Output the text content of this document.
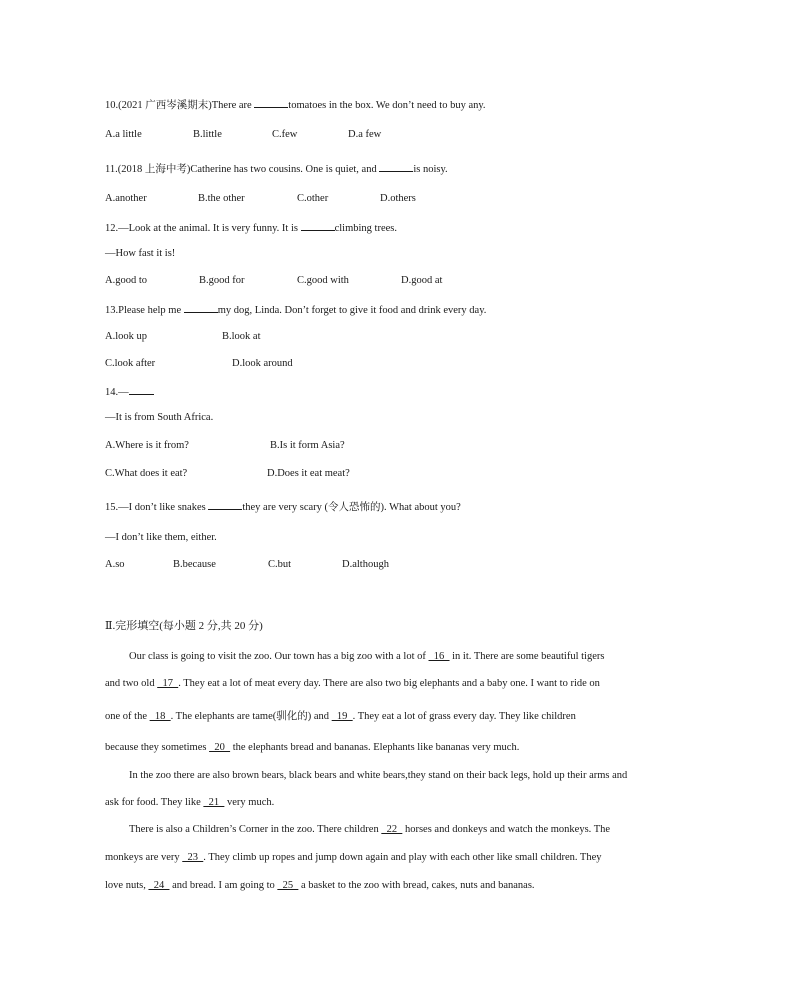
10.(2021 广西岑溪期末)There are	tomatoes in the box. We don’t need to buy any.
A.a little	B.little	C.few	D.a few
11.(2018 上海中考)Catherine has two cousins. One is quiet, and	is noisy.
A.another	B.the other	C.other	D.others
12.—Look at the animal. It is very funny. It is	climbing trees.
—How fast it is!
A.good to	B.good for	C.good with	D.good at
13.Please help me	my dog, Linda. Don’t forget to give it food and drink every day.
A.look up	B.look at
C.look after	D.look around
14.—
—It is from South Africa.
A.Where is it from?	B.Is it form Asia?
C.What does it eat?	D.Does it eat meat?
15.—I don’t like snakes	they are very scary (令人恐怖的). What about you?
—I don’t like them, either.
A.so	B.because	C.but	D.although
Ⅱ.完形填空(每小题 2 分,共 20 分)
Our class is going to visit the zoo. Our town has a big zoo with a lot of   16   in it. There are some beautiful tigers
and two old   17  . They eat a lot of meat every day. There are also two big elephants and a baby one. I want to ride on
one of the   18  . The elephants are tame(驯化的) and   19  . They eat a lot of grass every day. They like children
because they sometimes   20   the elephants bread and bananas. Elephants like bananas very much.
In the zoo there are also brown bears, black bears and white bears,they stand on their back legs, hold up their arms and
ask for food. They like   21   very much.
There is also a Children’s Corner in the zoo. There children   22   horses and donkeys and watch the monkeys. The
monkeys are very   23  . They climb up ropes and jump down again and play with each other like small children. They
love nuts,   24   and bread. I am going to   25   a basket to the zoo with bread, cakes, nuts and bananas.
